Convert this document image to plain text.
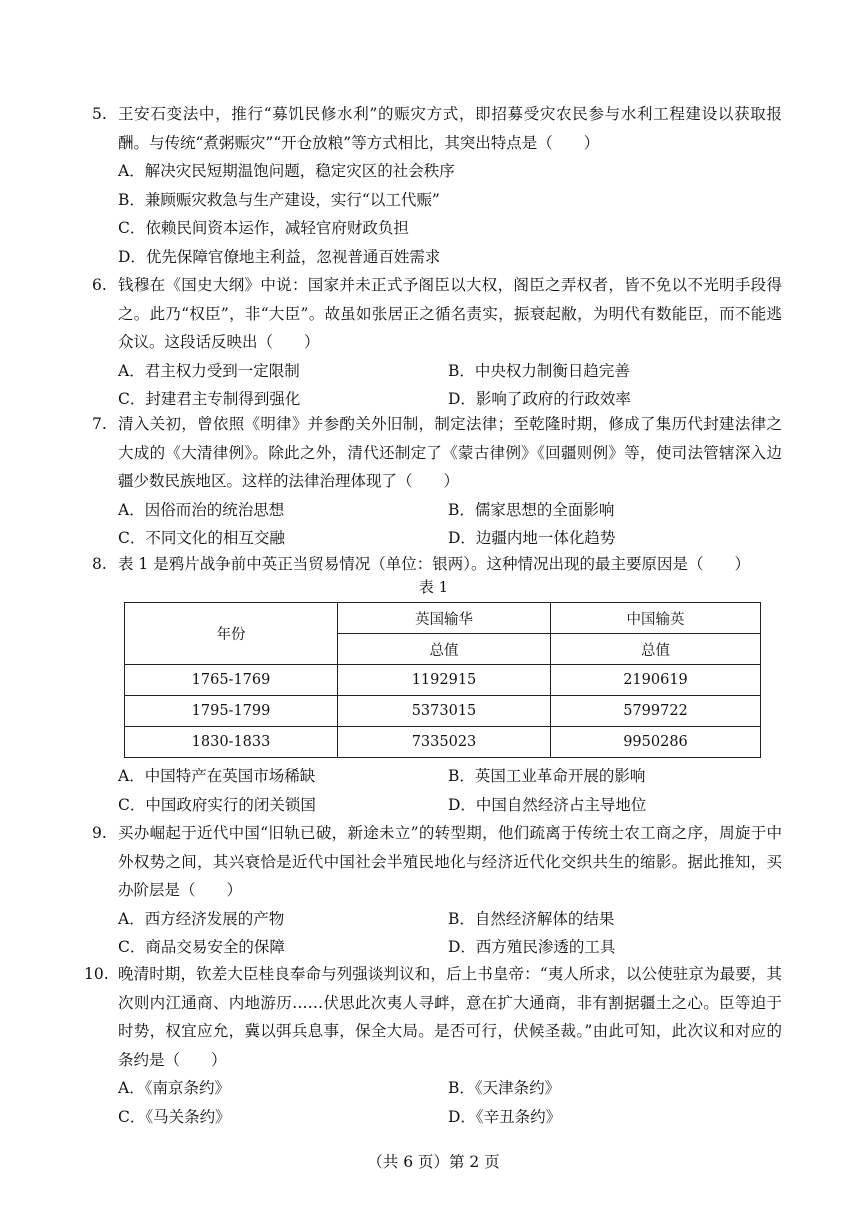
5. 王安石变法中，推行“募饥民修水利”的赈灾方式，即招募受灾农民参与水利工程建设以获取报酬。与传统“煮粥赈灾”“开仓放粮”等方式相比，其突出特点是（　　）
A．解决灾民短期温饱问题，稳定灾区的社会秩序
B．兼顾赈灾救急与生产建设，实行“以工代赈”
C．依赖民间资本运作，减轻官府财政负担
D．优先保障官僚地主利益，忽视普通百姓需求
6. 钱穆在《国史大纲》中说：国家并未正式予阁臣以大权，阁臣之弄权者，皆不免以不光明手段得之。此乃“权臣”，非“大臣”。故虽如张居正之循名责实，振衰起敝，为明代有数能臣，而不能逃众议。这段话反映出（　　）
A．君主权力受到一定限制	B．中央权力制衡日趋完善
C．封建君主专制得到强化	D．影响了政府的行政效率
7. 清入关初，曾依照《明律》并参酌关外旧制，制定法律；至乾隆时期，修成了集历代封建法律之大成的《大清律例》。除此之外，清代还制定了《蒙古律例》《回疆则例》等，使司法管辖深入边疆少数民族地区。这样的法律治理体现了（　　）
A．因俗而治的统治思想	B．儒家思想的全面影响
C．不同文化的相互交融	D．边疆内地一体化趋势
8. 表 1 是鸦片战争前中英正当贸易情况（单位：银两）。这种情况出现的最主要原因是（　　）
表 1
年份	英国输华	中国输英
	总值	总值
1765-1769	1192915	2190619
1795-1799	5373015	5799722
1830-1833	7335023	9950286
A．中国特产在英国市场稀缺	B．英国工业革命开展的影响
C．中国政府实行的闭关锁国	D．中国自然经济占主导地位
9. 买办崛起于近代中国“旧轨已破，新途未立”的转型期，他们疏离于传统士农工商之序，周旋于中外权势之间，其兴衰恰是近代中国社会半殖民地化与经济近代化交织共生的缩影。据此推知，买办阶层是（　　）
A．西方经济发展的产物	B．自然经济解体的结果
C．商品交易安全的保障	D．西方殖民渗透的工具
10. 晚清时期，钦差大臣桂良奉命与列强谈判议和，后上书皇帝：“夷人所求，以公使驻京为最要，其次则内江通商、内地游历……伏思此次夷人寻衅，意在扩大通商，非有割据疆土之心。臣等迫于时势，权宜应允，冀以弭兵息事，保全大局。是否可行，伏候圣裁。”由此可知，此次议和对应的条约是（　　）
A．《南京条约》	B．《天津条约》
C．《马关条约》	D．《辛丑条约》
（共 6 页）第 2 页
